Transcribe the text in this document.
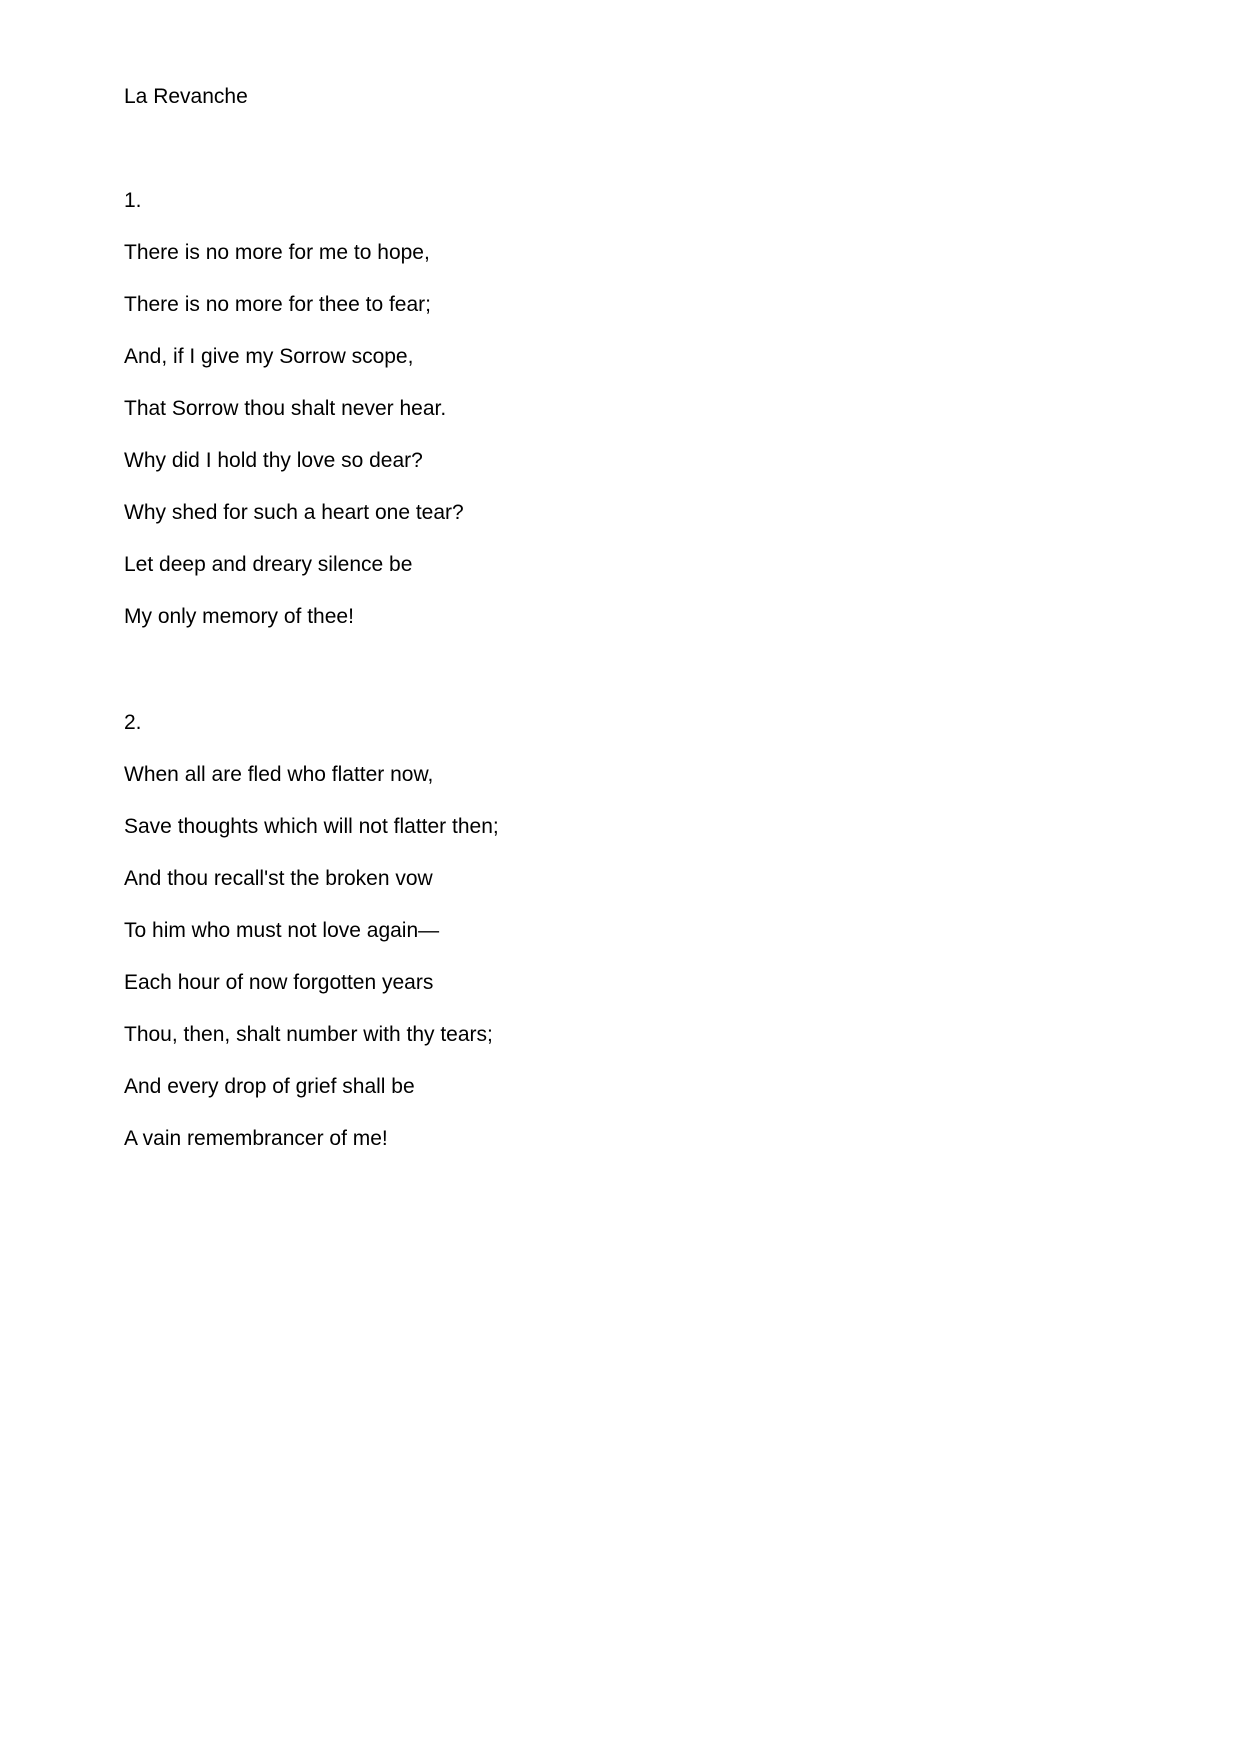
La Revanche
1.
There is no more for me to hope,
There is no more for thee to fear;
And, if I give my Sorrow scope,
That Sorrow thou shalt never hear.
Why did I hold thy love so dear?
Why shed for such a heart one tear?
Let deep and dreary silence be
My only memory of thee!
2.
When all are fled who flatter now,
Save thoughts which will not flatter then;
And thou recall'st the broken vow
To him who must not love again—
Each hour of now forgotten years
Thou, then, shalt number with thy tears;
And every drop of grief shall be
A vain remembrancer of me!
